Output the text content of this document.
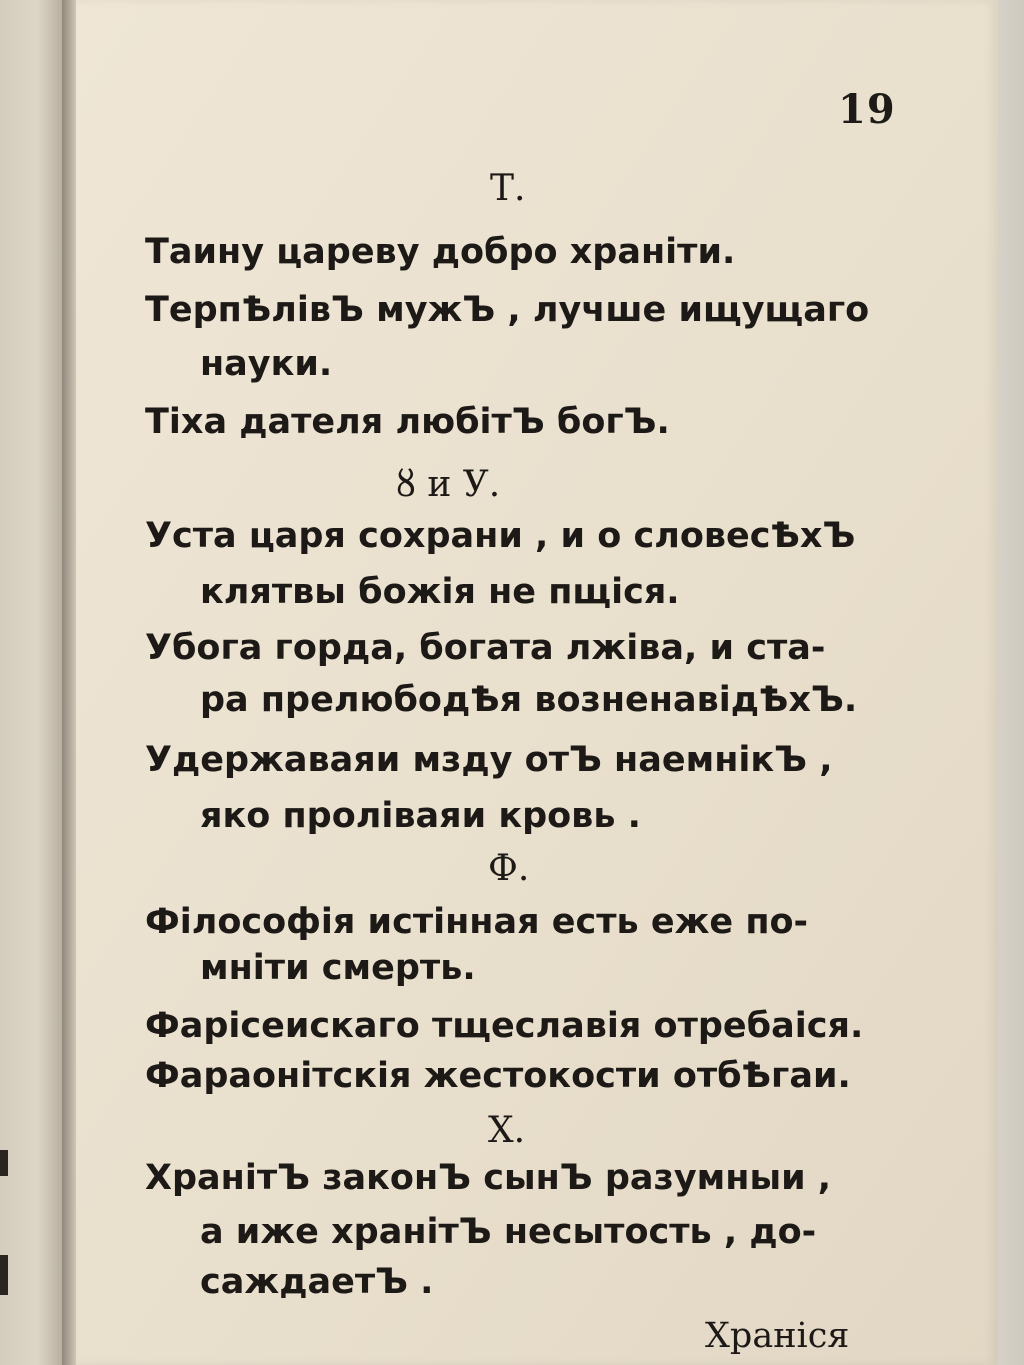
19
Т.
Таину цареву добро хранiти.
ТерпѢлiвЪ мужЪ , лучше ищущаго
науки.
Тiха дателя любiтЪ богЪ.
ȣ и У.
Уста царя сохрани , и о словесѢхЪ
клятвы божiя не пщiся.
Убога горда, богата лжiва, и ста-
ра прелюбодѢя возненавiдѢхЪ.
Удержаваяи мзду отЪ наемнiкЪ ,
яко пролiваяи кровь .
Ф.
Фiлософiя истiнная есть еже по-
мнiти смерть.
Фарiсеискаго тщеславiя отребаiся.
Фараонiтскiя жестокости отбѢгаи.
Х.
ХранiтЪ законЪ сынЪ разумныи ,
а иже хранiтЪ несытость , до-
саждаетЪ .
Хранiся
